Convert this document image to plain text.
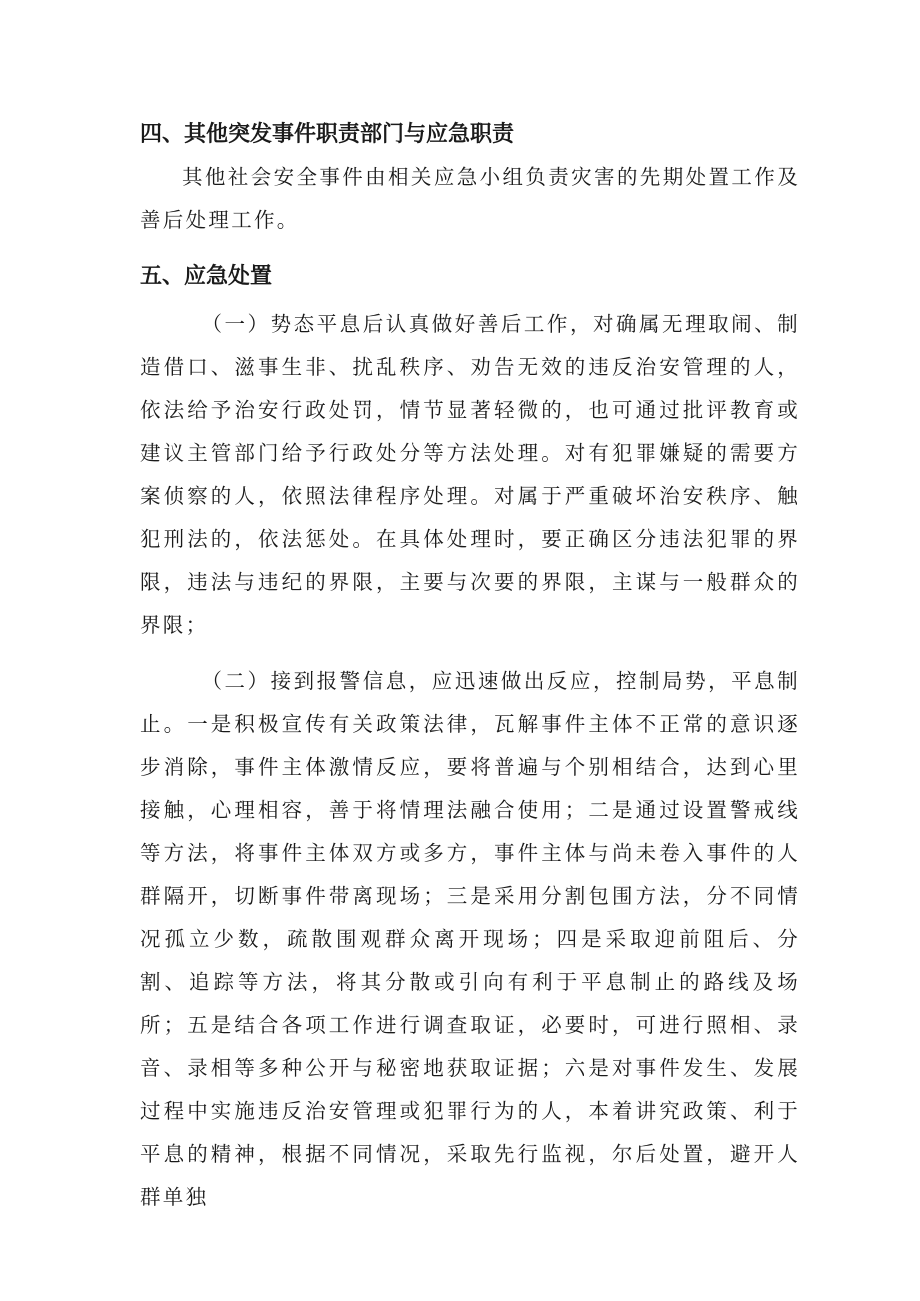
四、其他突发事件职责部门与应急职责

其他社会安全事件由相关应急小组负责灾害的先期处置工作及善后处理工作。

五、应急处置

（一）势态平息后认真做好善后工作，对确属无理取闹、制造借口、滋事生非、扰乱秩序、劝告无效的违反治安管理的人，依法给予治安行政处罚，情节显著轻微的，也可通过批评教育或建议主管部门给予行政处分等方法处理。对有犯罪嫌疑的需要方案侦察的人，依照法律程序处理。对属于严重破坏治安秩序、触犯刑法的，依法惩处。在具体处理时，要正确区分违法犯罪的界限，违法与违纪的界限，主要与次要的界限，主谋与一般群众的界限；

（二）接到报警信息，应迅速做出反应，控制局势，平息制止。一是积极宣传有关政策法律，瓦解事件主体不正常的意识逐步消除，事件主体激情反应，要将普遍与个别相结合，达到心里接触，心理相容，善于将情理法融合使用；二是通过设置警戒线等方法，将事件主体双方或多方，事件主体与尚未卷入事件的人群隔开，切断事件带离现场；三是采用分割包围方法，分不同情况孤立少数，疏散围观群众离开现场；四是采取迎前阻后、分割、追踪等方法，将其分散或引向有利于平息制止的路线及场所；五是结合各项工作进行调查取证，必要时，可进行照相、录音、录相等多种公开与秘密地获取证据；六是对事件发生、发展过程中实施违反治安管理或犯罪行为的人，本着讲究政策、利于平息的精神，根据不同情况，采取先行监视，尔后处置，避开人群单独
